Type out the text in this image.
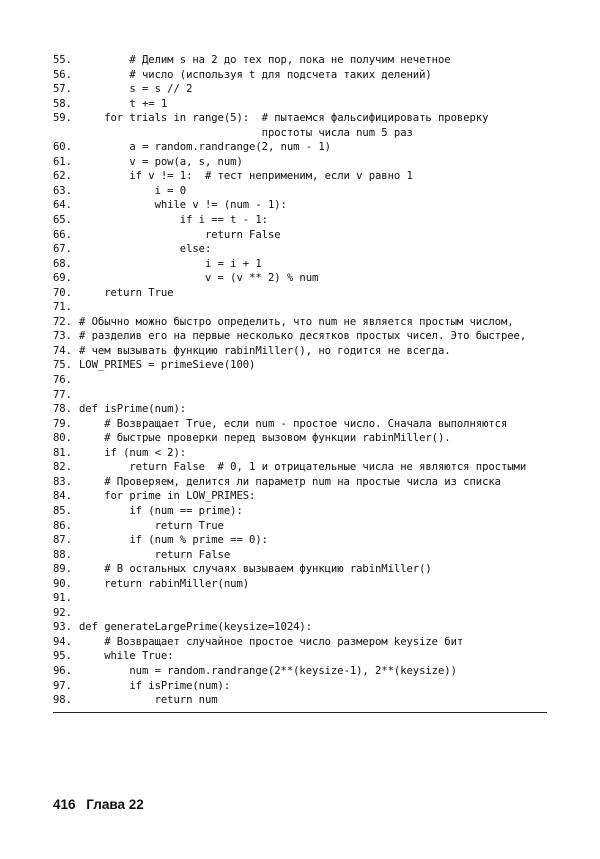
55. # Делим s на 2 до тех пор, пока не получим нечетное
56. # число (используя t для подсчета таких делений)
57. s = s // 2
58. t += 1
59. for trials in range(5):  # пытаемся фальсифицировать проверку
простоты числа num 5 раз
60. a = random.randrange(2, num - 1)
61. v = pow(a, s, num)
62. if v != 1:  # тест неприменим, если v равно 1
63. i = 0
64. while v != (num - 1):
65. if i == t - 1:
66. return False
67. else:
68. i = i + 1
69. v = (v ** 2) % num
70. return True
71.
72. # Обычно можно быстро определить, что num не является простым числом,
73. # разделив его на первые несколько десятков простых чисел. Это быстрее,
74. # чем вызывать функцию rabinMiller(), но годится не всегда.
75. LOW_PRIMES = primeSieve(100)
76.
77.
78. def isPrime(num):
79. # Возвращает True, если num - простое число. Сначала выполняются
80. # быстрые проверки перед вызовом функции rabinMiller().
81. if (num < 2):
82. return False  # 0, 1 и отрицательные числа не являются простыми
83. # Проверяем, делится ли параметр num на простые числа из списка
84. for prime in LOW_PRIMES:
85. if (num == prime):
86. return True
87. if (num % prime == 0):
88. return False
89. # В остальных случаях вызываем функцию rabinMiller()
90. return rabinMiller(num)
91.
92.
93. def generateLargePrime(keysize=1024):
94. # Возвращает случайное простое число размером keysize бит
95. while True:
96. num = random.randrange(2**(keysize-1), 2**(keysize))
97. if isPrime(num):
98. return num
416 Глава 22
